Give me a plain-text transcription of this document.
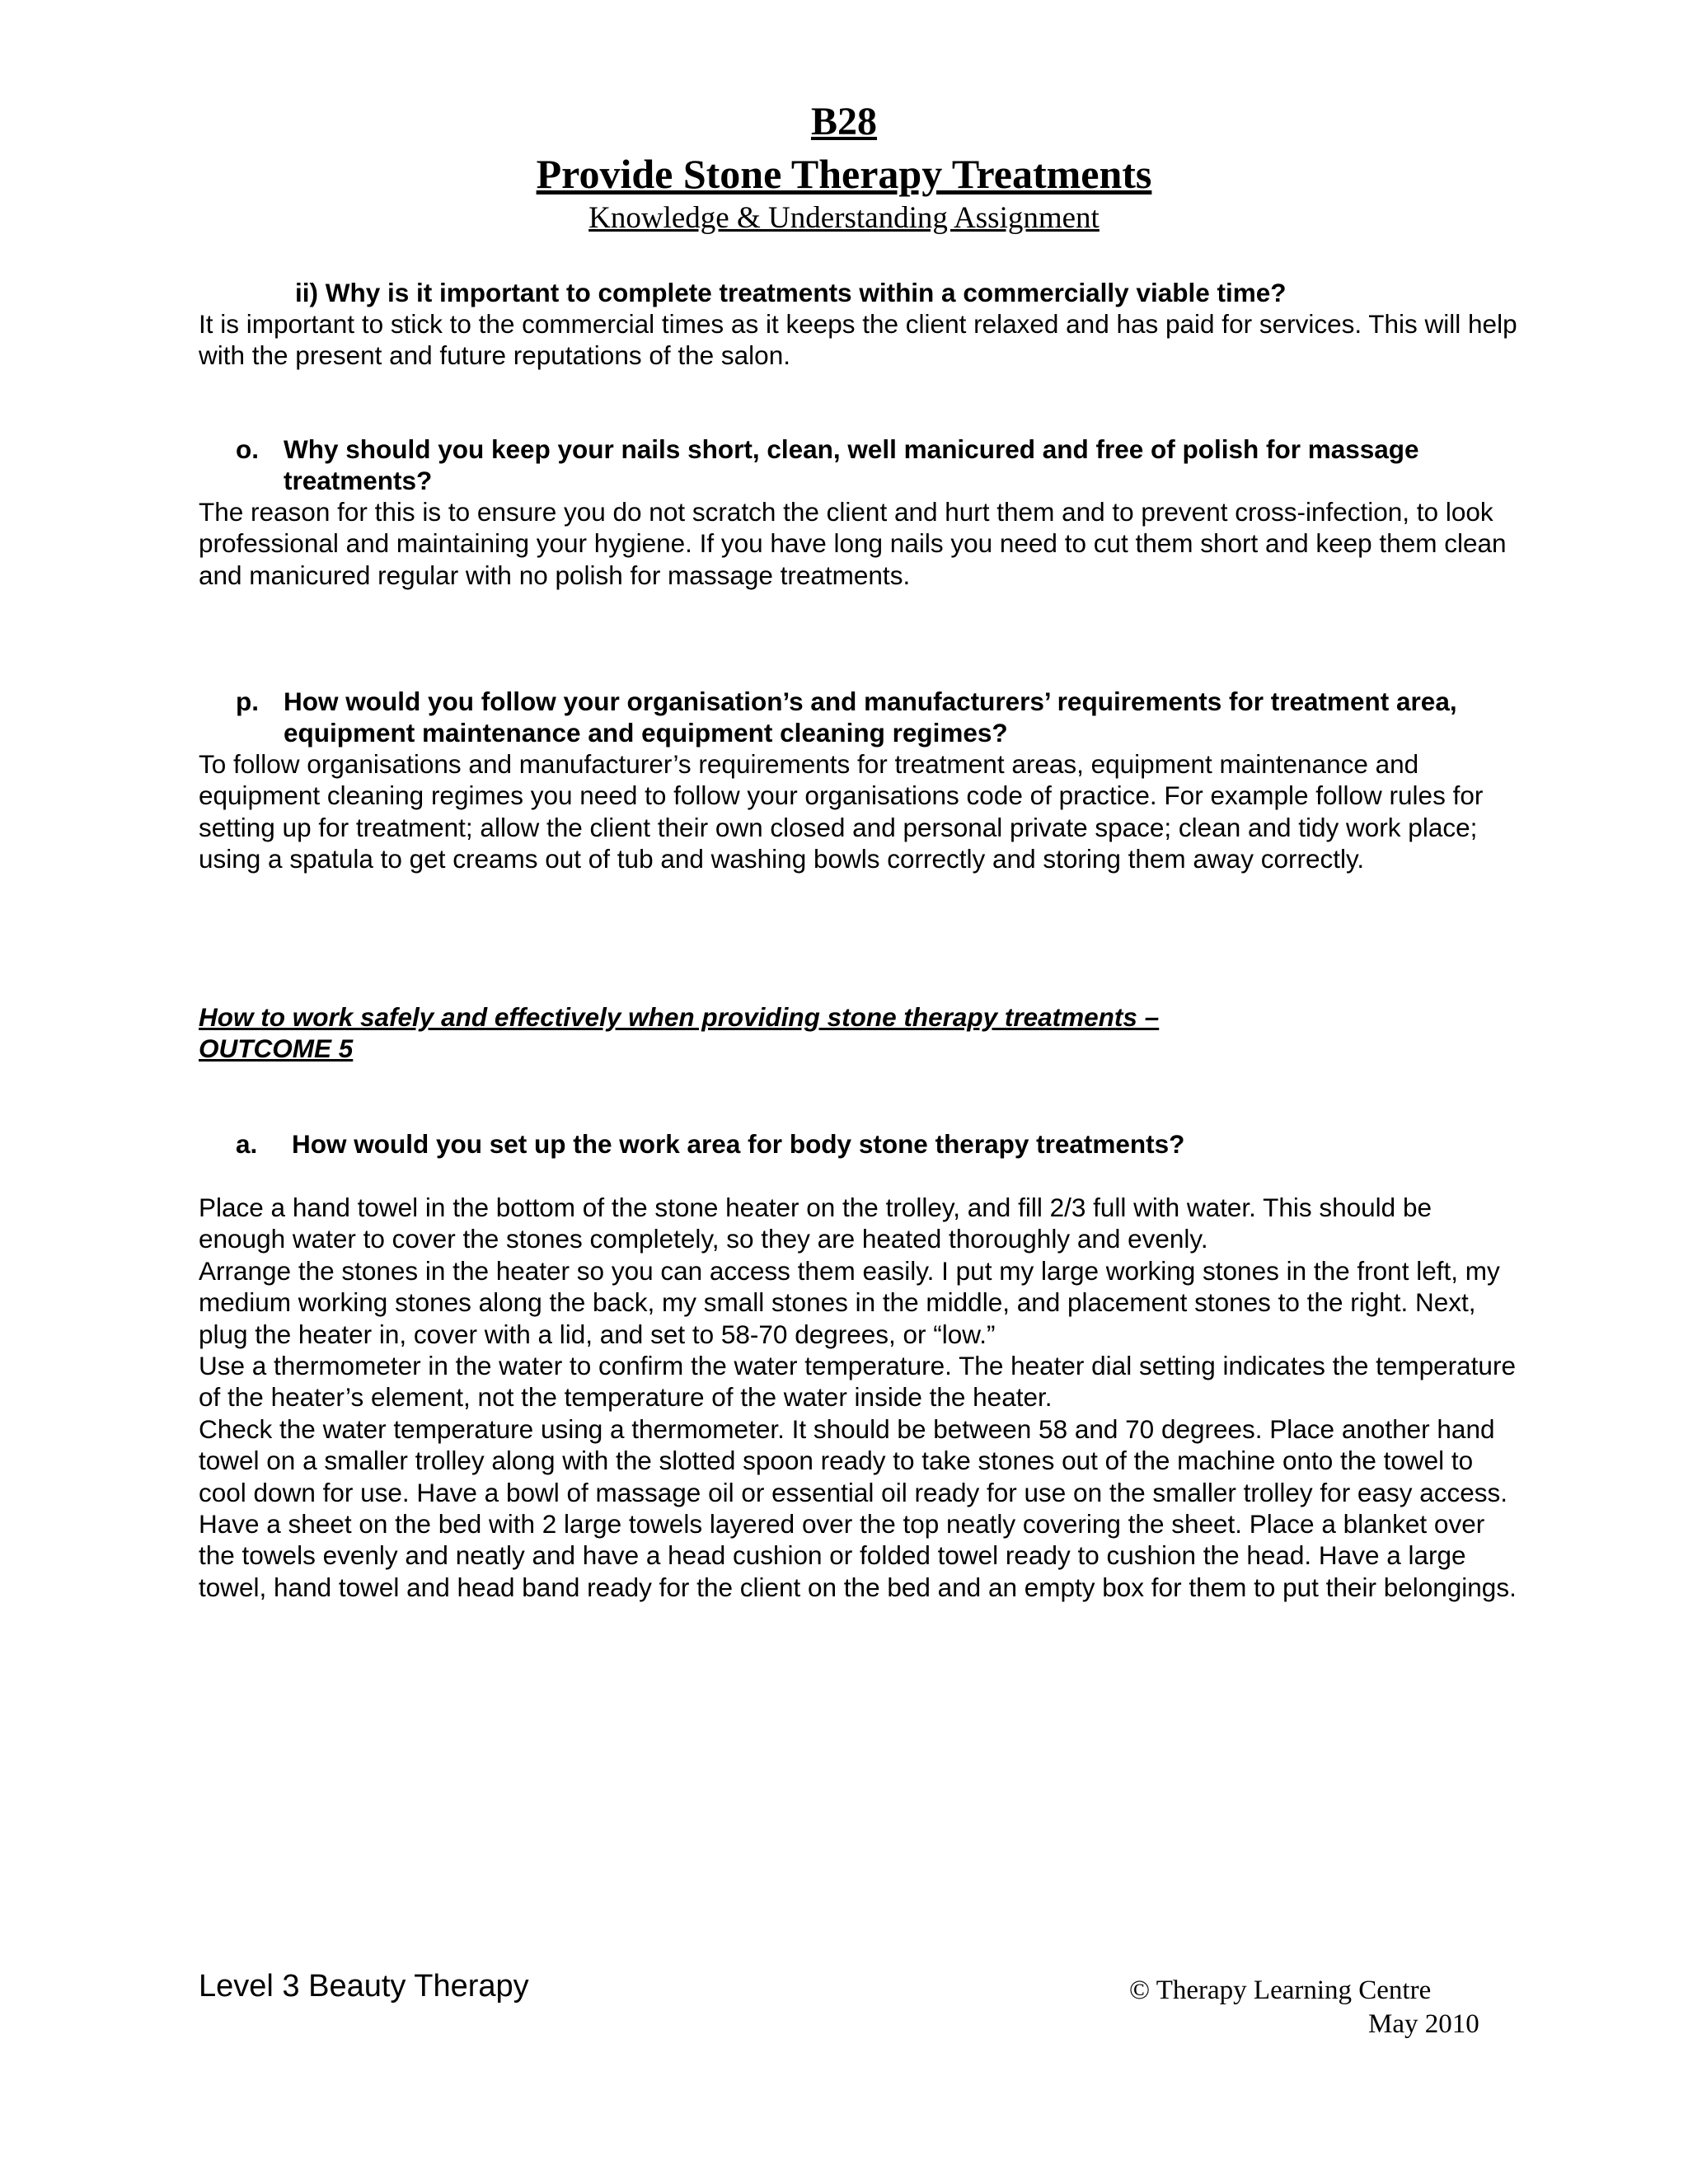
B28
Provide Stone Therapy Treatments
Knowledge & Understanding Assignment
ii) Why is it important to complete treatments within a commercially viable time?
It is important to stick to the commercial times as it keeps the client relaxed and has paid for services. This will help with the present and future reputations of the salon.
o. Why should you keep your nails short, clean, well manicured and free of polish for massage treatments?
The reason for this is to ensure you do not scratch the client and hurt them and to prevent cross-infection, to look professional and maintaining your hygiene. If you have long nails you need to cut them short and keep them clean and manicured regular with no polish for massage treatments.
p. How would you follow your organisation’s and manufacturers’ requirements for treatment area, equipment maintenance and equipment cleaning regimes?
To follow organisations and manufacturer’s requirements for treatment areas, equipment maintenance and equipment cleaning regimes you need to follow your organisations code of practice. For example follow rules for setting up for treatment; allow the client their own closed and personal private space; clean and tidy work place; using a spatula to get creams out of tub and washing bowls correctly and storing them away correctly.
How to work safely and effectively when providing stone therapy treatments –
OUTCOME 5
a. How would you set up the work area for body stone therapy treatments?
Place a hand towel in the bottom of the stone heater on the trolley, and fill 2/3 full with water. This should be enough water to cover the stones completely, so they are heated thoroughly and evenly.
Arrange the stones in the heater so you can access them easily. I put my large working stones in the front left, my medium working stones along the back, my small stones in the middle, and placement stones to the right. Next, plug the heater in, cover with a lid, and set to 58-70 degrees, or “low.”
Use a thermometer in the water to confirm the water temperature. The heater dial setting indicates the temperature of the heater’s element, not the temperature of the water inside the heater.
Check the water temperature using a thermometer. It should be between 58 and 70 degrees. Place another hand towel on a smaller trolley along with the slotted spoon ready to take stones out of the machine onto the towel to cool down for use. Have a bowl of massage oil or essential oil ready for use on the smaller trolley for easy access. Have a sheet on the bed with 2 large towels layered over the top neatly covering the sheet. Place a blanket over the towels evenly and neatly and have a head cushion or folded towel ready to cushion the head. Have a large towel, hand towel and head band ready for the client on the bed and an empty box for them to put their belongings.
Level 3 Beauty Therapy	© Therapy Learning Centre
May 2010
